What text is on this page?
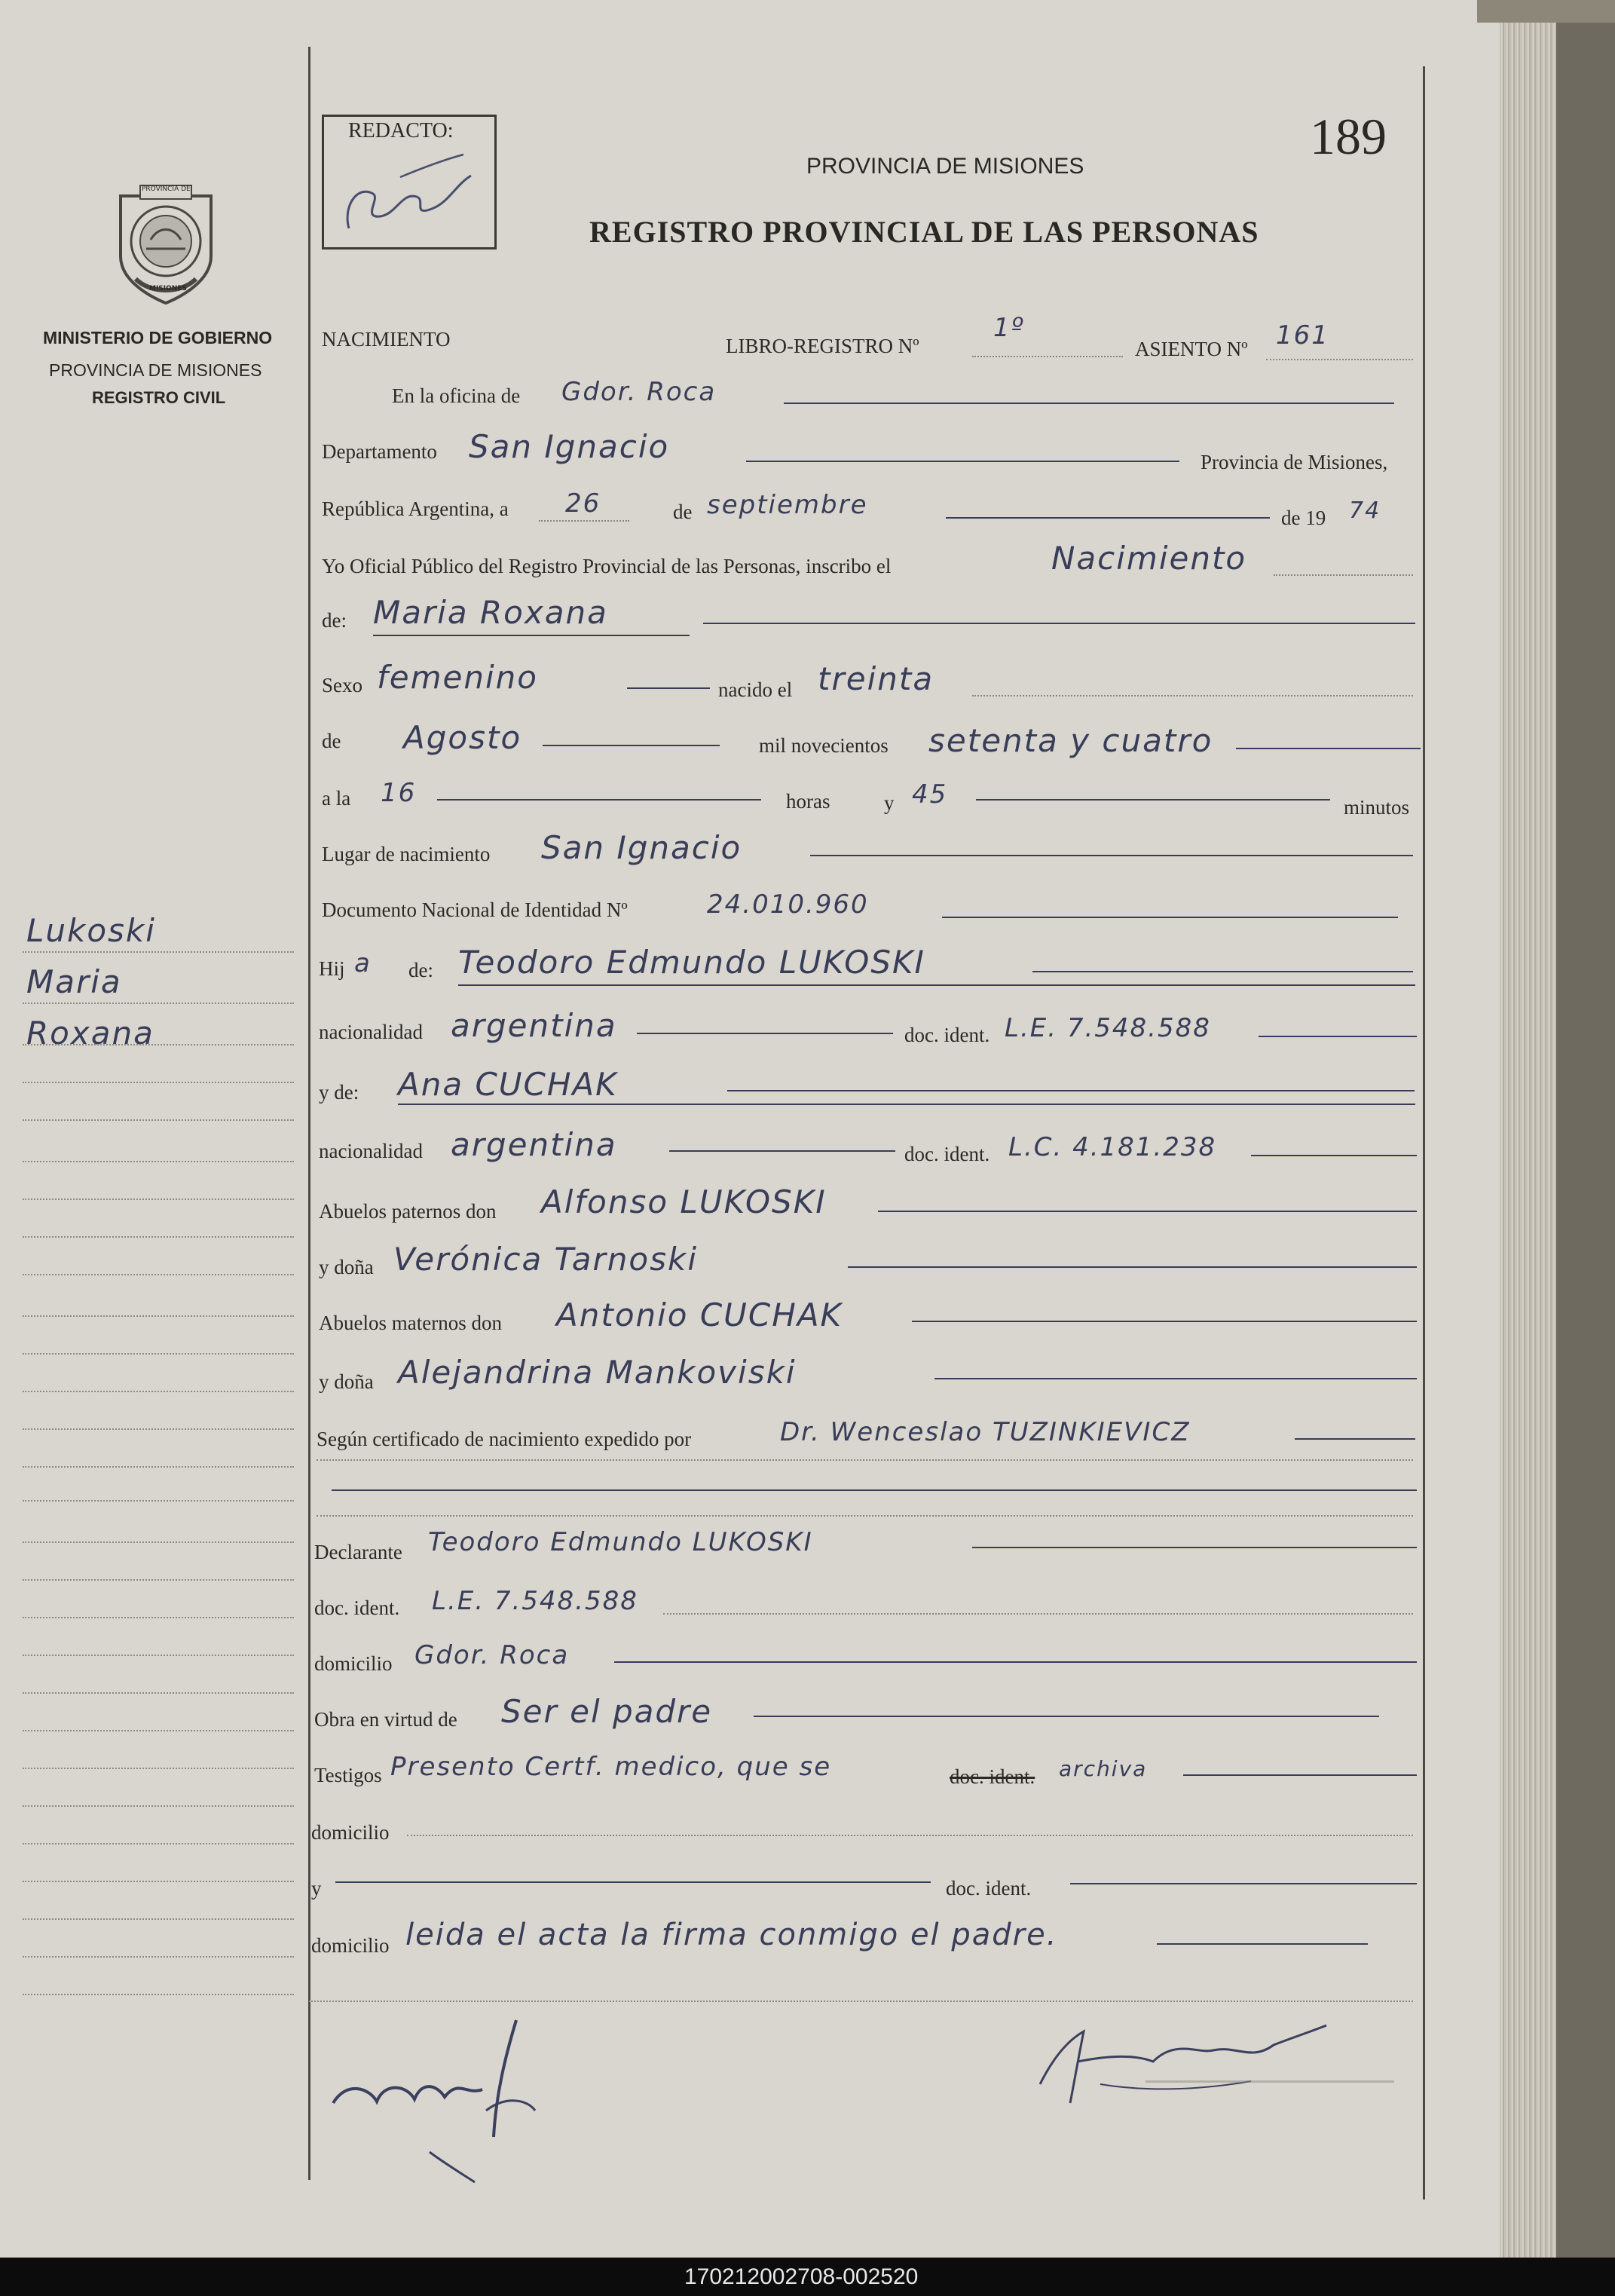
REDACTO:	189
PROVINCIA DE MISIONES
REGISTRO PROVINCIAL DE LAS PERSONAS
PROVINCIA DE
MISIONES
MINISTERIO DE GOBIERNO
PROVINCIA DE MISIONES
REGISTRO CIVIL
Lukoski
Maria
Roxana
NACIMIENTO	LIBRO-REGISTRO Nº
1º
ASIENTO Nº 161
En la oficina de Gdor. Roca
Departamento San Ignacio	Provincia de Misiones,
República Argentina, a 26	de septiembre	de 19 74
Yo Oficial Público del Registro Provincial de las Personas, inscribo el	Nacimiento
de: Maria Roxana
Sexo femenino	nacido el treinta
de Agosto	mil novecientos setenta y cuatro
a la 16	horas	y 45	minutos
Lugar de nacimiento San Ignacio
Documento Nacional de Identidad Nº	24.010.960
Hij a de: Teodoro Edmundo LUKOSKI
nacionalidad argentina	doc. ident. L.E. 7.548.588
y de: Ana CUCHAK
nacionalidad argentina	doc. ident. L.C. 4.181.238
Abuelos paternos don Alfonso LUKOSKI
y doña Verónica Tarnoski
Abuelos maternos don Antonio CUCHAK
y doña Alejandrina Mankoviski
Según certificado de nacimiento expedido por	Dr. Wenceslao TUZINKIEVICZ
Declarante Teodoro Edmundo LUKOSKI
doc. ident. L.E. 7.548.588
domicilio Gdor. Roca
Obra en virtud de Ser el padre
Testigos Presento Certf. medico, que se	doc. ident. archiva
domicilio
y	doc. ident.
domicilio leida el acta la firma conmigo el padre.
170212002708-002520
